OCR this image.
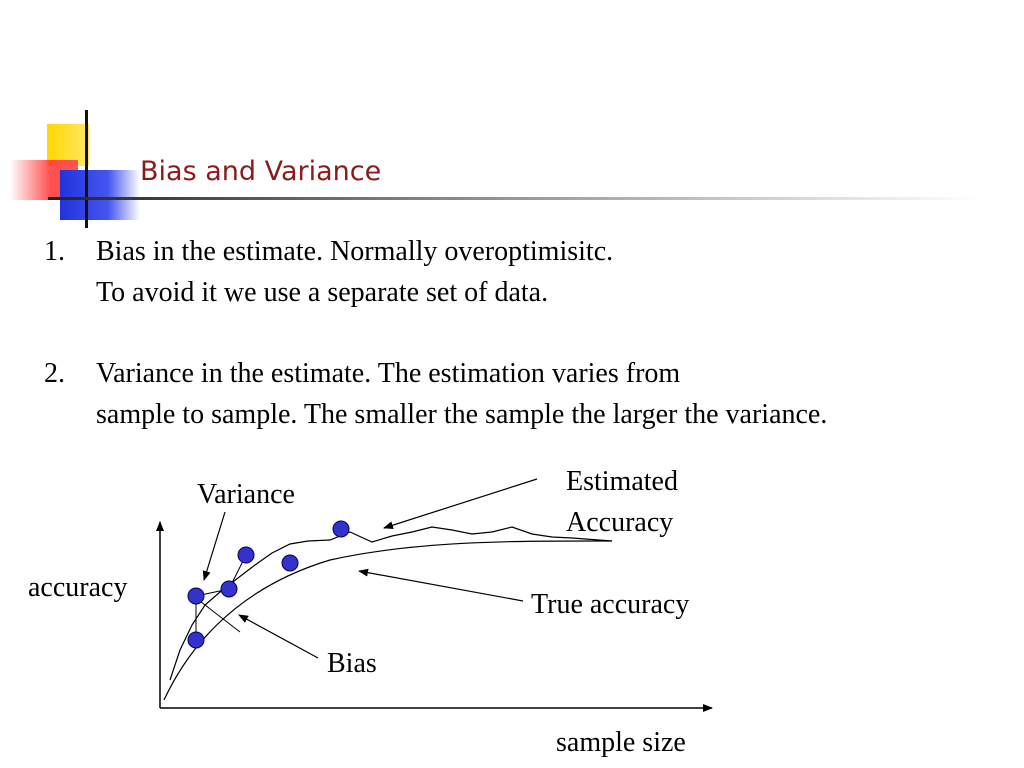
Bias and Variance
1. Bias in the estimate. Normally overoptimisitc.
To avoid it we use a separate set of data.
2. Variance in the estimate. The estimation varies from
sample to sample. The smaller the sample the larger the variance.
Variance	Estimated
Accuracy
accuracy
True accuracy
Bias
sample size
